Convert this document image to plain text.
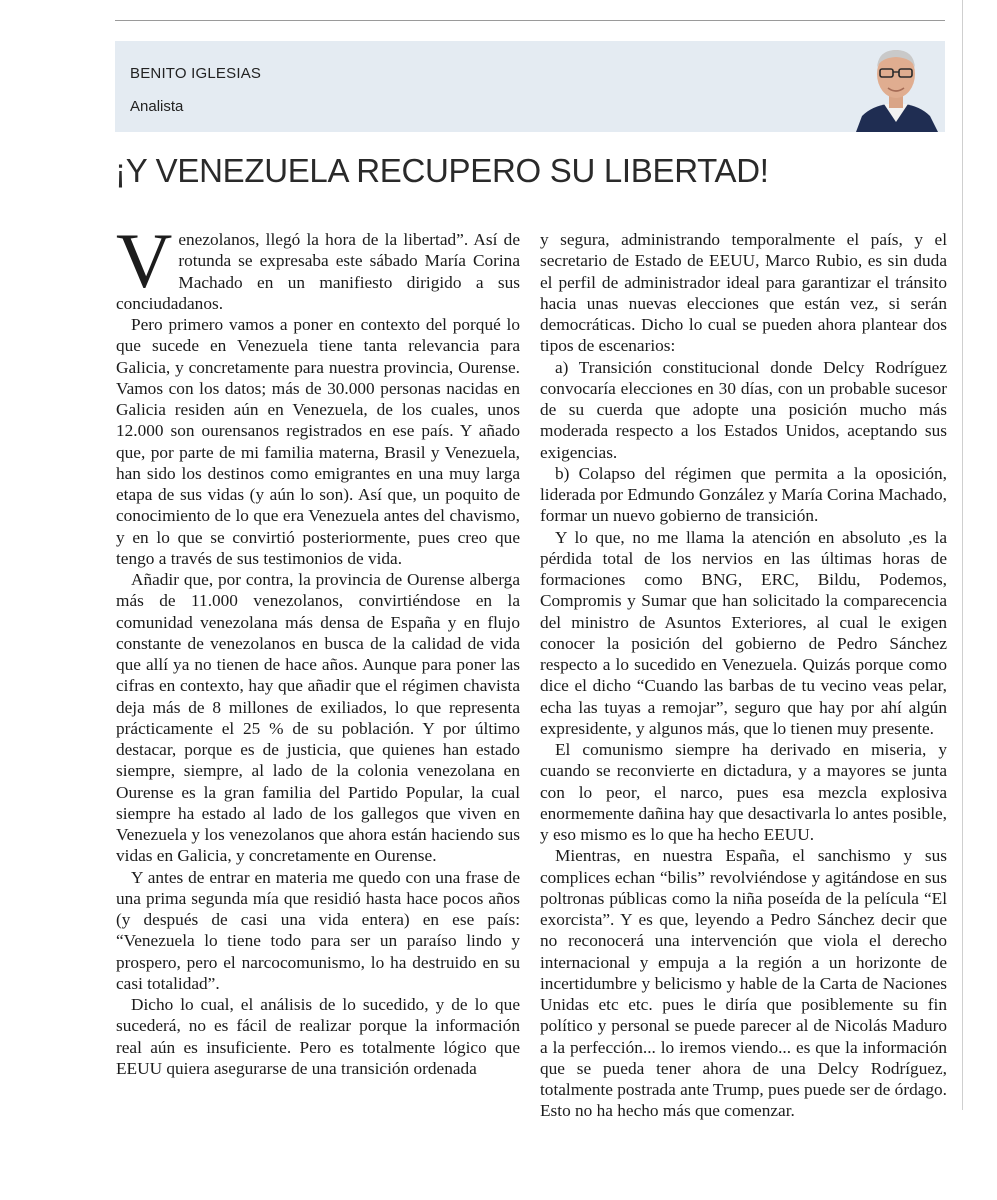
BENITO IGLESIAS
Analista
¡Y VENEZUELA RECUPERO SU LIBERTAD!

Venezolanos, llegó la hora de la libertad”. Así de rotunda se expresaba este sábado María Corina Machado en un manifiesto dirigido a sus conciudadanos.

Pero primero vamos a poner en contexto del porqué lo que sucede en Venezuela tiene tanta relevancia para Galicia, y concretamente para nuestra provincia, Ourense. Vamos con los datos; más de 30.000 personas nacidas en Galicia residen aún en Venezuela, de los cuales, unos 12.000 son ourensanos registrados en ese país. Y añado que, por parte de mi familia materna, Brasil y Venezuela, han sido los destinos como emigrantes en una muy larga etapa de sus vidas (y aún lo son). Así que, un poquito de conocimiento de lo que era Venezuela antes del chavismo, y en lo que se convirtió posteriormente, pues creo que tengo a través de sus testimonios de vida.

Añadir que, por contra, la provincia de Ourense alberga más de 11.000 venezolanos, convirtiéndose en la comunidad venezolana más densa de España y en flujo constante de venezolanos en busca de la calidad de vida que allí ya no tienen de hace años. Aunque para poner las cifras en contexto, hay que añadir que el régimen chavista deja más de 8 millones de exiliados, lo que representa prácticamente el 25 % de su población. Y por último destacar, porque es de justicia, que quienes han estado siempre, siempre, al lado de la colonia venezolana en Ourense es la gran familia del Partido Popular, la cual siempre ha estado al lado de los gallegos que viven en Venezuela y los venezolanos que ahora están haciendo sus vidas en Galicia, y concretamente en Ourense.

Y antes de entrar en materia me quedo con una frase de una prima segunda mía que residió hasta hace pocos años (y después de casi una vida entera) en ese país: “Venezuela lo tiene todo para ser un paraíso lindo y prospero, pero el narcocomunismo, lo ha destruido en su casi totalidad”.

Dicho lo cual, el análisis de lo sucedido, y de lo que sucederá, no es fácil de realizar porque la información real aún es insuficiente. Pero es totalmente lógico que EEUU quiera asegurarse de una transición ordenada

y segura, administrando temporalmente el país, y el secretario de Estado de EEUU, Marco Rubio, es sin duda el perfil de administrador ideal para garantizar el tránsito hacia unas nuevas elecciones que están vez, si serán democráticas. Dicho lo cual se pueden ahora plantear dos tipos de escenarios:

a) Transición constitucional donde Delcy Rodríguez convocaría elecciones en 30 días, con un probable sucesor de su cuerda que adopte una posición mucho más moderada respecto a los Estados Unidos, aceptando sus exigencias.

b) Colapso del régimen que permita a la oposición, liderada por Edmundo González y María Corina Machado, formar un nuevo gobierno de transición.

Y lo que, no me llama la atención en absoluto ,es la pérdida total de los nervios en las últimas horas de formaciones como BNG, ERC, Bildu, Podemos, Compromis y Sumar que han solicitado la comparecencia del ministro de Asuntos Exteriores, al cual le exigen conocer la posición del gobierno de Pedro Sánchez respecto a lo sucedido en Venezuela. Quizás porque como dice el dicho “Cuando las barbas de tu vecino veas pelar, echa las tuyas a remojar”, seguro que hay por ahí algún expresidente, y algunos más, que lo tienen muy presente.

El comunismo siempre ha derivado en miseria, y cuando se reconvierte en dictadura, y a mayores se junta con lo peor, el narco, pues esa mezcla explosiva enormemente dañina hay que desactivarla lo antes posible, y eso mismo es lo que ha hecho EEUU.

Mientras, en nuestra España, el sanchismo y sus complices echan “bilis” revolviéndose y agitándose en sus poltronas públicas como la niña poseída de la película “El exorcista”. Y es que, leyendo a Pedro Sánchez decir que no reconocerá una intervención que viola el derecho internacional y empuja a la región a un horizonte de incertidumbre y belicismo y hable de la Carta de Naciones Unidas etc etc. pues le diría que posiblemente su fin político y personal se puede parecer al de Nicolás Maduro a la perfección... lo iremos viendo... es que la información que se pueda tener ahora de una Delcy Rodríguez, totalmente postrada ante Trump, pues puede ser de órdago. Esto no ha hecho más que comenzar.
